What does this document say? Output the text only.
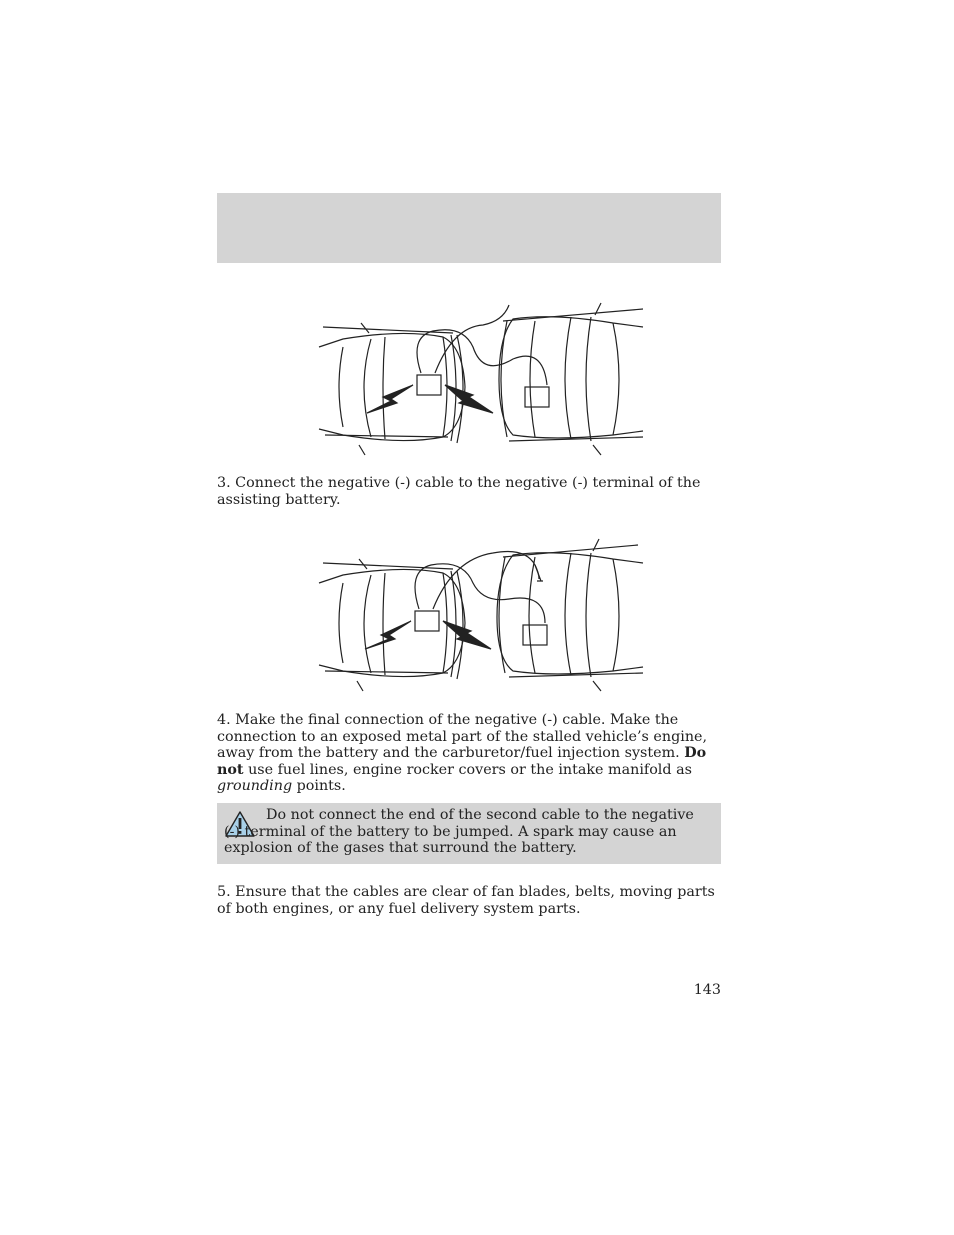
3. Connect the negative (-) cable to the negative (-) terminal of the assisting battery.

4. Make the final connection of the negative (-) cable. Make the connection to an exposed metal part of the stalled vehicle’s engine, away from the battery and the carburetor/fuel injection system. Do not use fuel lines, engine rocker covers or the intake manifold as grounding points.

Do not connect the end of the second cable to the negative (-) terminal of the battery to be jumped. A spark may cause an explosion of the gases that surround the battery.

5. Ensure that the cables are clear of fan blades, belts, moving parts of both engines, or any fuel delivery system parts.

143
